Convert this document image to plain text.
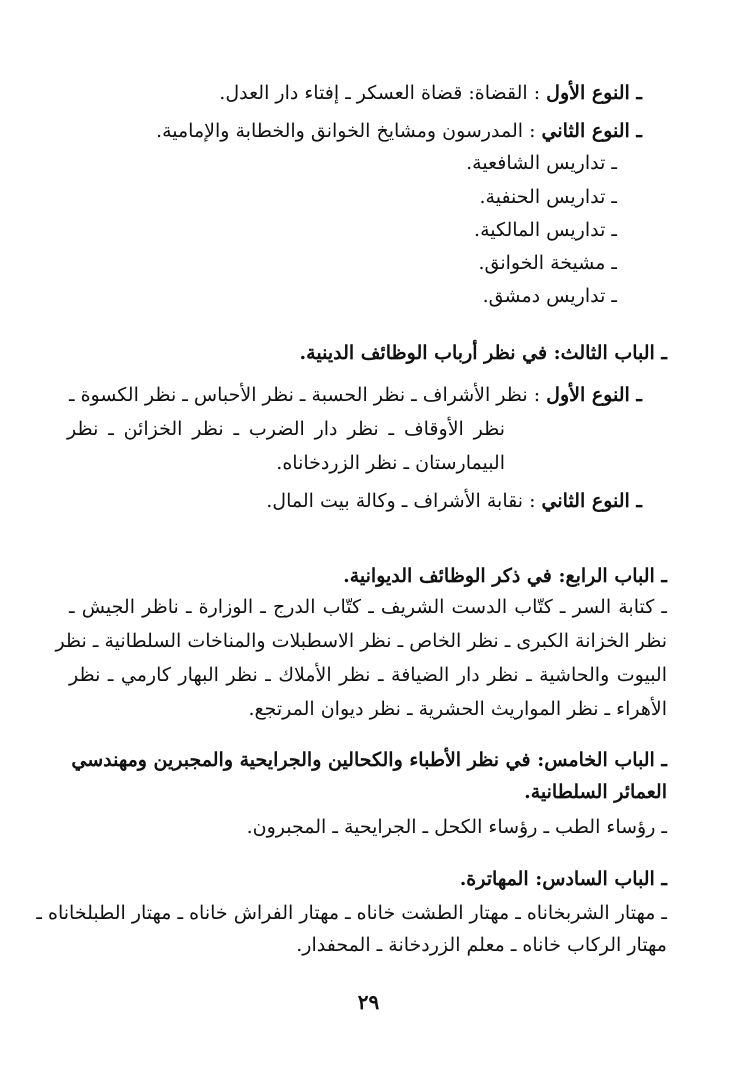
ـ النوع الأول : القضاة: قضاة العسكر ـ إفتاء دار العدل.
ـ النوع الثاني : المدرسون ومشايخ الخوانق والخطابة والإمامية.
ـ تداريس الشافعية.
ـ تداريس الحنفية.
ـ تداريس المالكية.
ـ مشيخة الخوانق.
ـ تداريس دمشق.
ـ الباب الثالث: في نظر أرباب الوظائف الدينية.
ـ النوع الأول : نظر الأشراف ـ نظر الحسبة ـ نظر الأحباس ـ نظر الكسوة ـ
نظر الأوقاف ـ نظر دار الضرب ـ نظر الخزائن ـ نظر
البيمارستان ـ نظر الزردخاناه.
ـ النوع الثاني : نقابة الأشراف ـ وكالة بيت المال.
ـ الباب الرابع: في ذكر الوظائف الديوانية.
ـ كتابة السر ـ كتّاب الدست الشريف ـ كتّاب الدرج ـ الوزارة ـ ناظر الجيش ـ
نظر الخزانة الكبرى ـ نظر الخاص ـ نظر الاسطبلات والمناخات السلطانية ـ نظر
البيوت والحاشية ـ نظر دار الضيافة ـ نظر الأملاك ـ نظر البهار كارمي ـ نظر
الأهراء ـ نظر المواريث الحشرية ـ نظر ديوان المرتجع.
ـ الباب الخامس: في نظر الأطباء والكحالين والجرايحية والمجبرين ومهندسي
العمائر السلطانية.
ـ رؤساء الطب ـ رؤساء الكحل ـ الجرايحية ـ المجبرون.
ـ الباب السادس: المهاترة.
ـ مهتار الشربخاناه ـ مهتار الطشت خاناه ـ مهتار الفراش خاناه ـ مهتار الطبلخاناه ـ
مهتار الركاب خاناه ـ معلم الزردخانة ـ المحفدار.
٢٩
